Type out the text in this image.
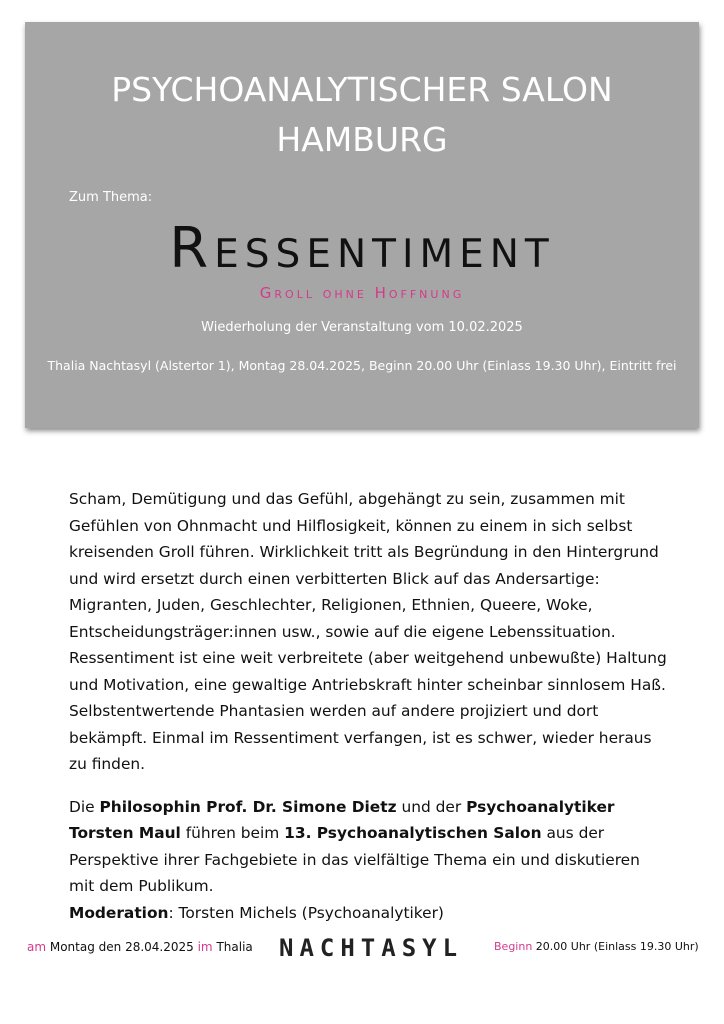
PSYCHOANALYTISCHER SALON
HAMBURG
Zum Thema:
Ressentiment
Groll ohne Hoffnung
Wiederholung der Veranstaltung vom 10.02.2025
Thalia Nachtasyl (Alstertor 1), Montag 28.04.2025, Beginn 20.00 Uhr (Einlass 19.30 Uhr), Eintritt frei

Scham, Demütigung und das Gefühl, abgehängt zu sein, zusammen mit Gefühlen von Ohnmacht und Hilflosigkeit, können zu einem in sich selbst kreisenden Groll führen. Wirklichkeit tritt als Begründung in den Hintergrund und wird ersetzt durch einen verbitterten Blick auf das Andersartige: Migranten, Juden, Geschlechter, Religionen, Ethnien, Queere, Woke, Entscheidungsträger:innen usw., sowie auf die eigene Lebenssituation. Ressentiment ist eine weit verbreitete (aber weitgehend unbewußte) Haltung und Motivation, eine gewaltige Antriebskraft hinter scheinbar sinnlosem Haß. Selbstentwertende Phantasien werden auf andere projiziert und dort bekämpft. Einmal im Ressentiment verfangen, ist es schwer, wieder heraus zu finden.

Die Philosophin Prof. Dr. Simone Dietz und der Psychoanalytiker Torsten Maul führen beim 13. Psychoanalytischen Salon aus der Perspektive ihrer Fachgebiete in das vielfältige Thema ein und diskutieren mit dem Publikum.
Moderation: Torsten Michels (Psychoanalytiker)

am Montag den 28.04.2025 im Thalia NACHTASYL	Beginn 20.00 Uhr (Einlass 19.30 Uhr)
